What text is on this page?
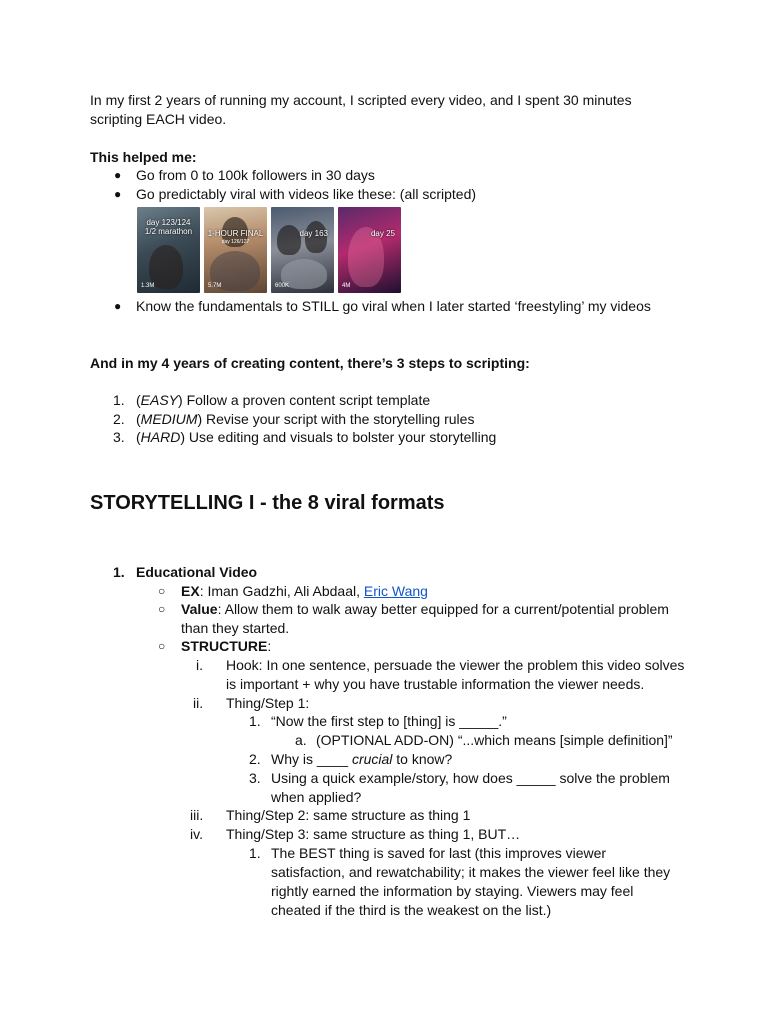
In my first 2 years of running my account, I scripted every video, and I spent 30 minutes
scripting EACH video.
This helped me:
● Go from 0 to 100k followers in 30 days
● Go predictably viral with videos like these: (all scripted)
day 123/124
1/2 marathon
1.3M
1-HOUR FINAL
day 126/127
5.7M
day 163
600K
day 25
4M
● Know the fundamentals to STILL go viral when I later started ‘freestyling’ my videos
And in my 4 years of creating content, there’s 3 steps to scripting:
1. (EASY) Follow a proven content script template
2. (MEDIUM) Revise your script with the storytelling rules
3. (HARD) Use editing and visuals to bolster your storytelling
STORYTELLING I - the 8 viral formats
1. Educational Video
○ EX: Iman Gadzhi, Ali Abdaal, Eric Wang
○ Value: Allow them to walk away better equipped for a current/potential problem
than they started.
○ STRUCTURE:
i. Hook: In one sentence, persuade the viewer the problem this video solves
is important + why you have trustable information the viewer needs.
ii. Thing/Step 1:
1. “Now the first step to [thing] is _____.”
a. (OPTIONAL ADD-ON) “...which means [simple definition]”
2. Why is ____ crucial to know?
3. Using a quick example/story, how does _____ solve the problem
when applied?
iii. Thing/Step 2: same structure as thing 1
iv. Thing/Step 3: same structure as thing 1, BUT…
1. The BEST thing is saved for last (this improves viewer
satisfaction, and rewatchability; it makes the viewer feel like they
rightly earned the information by staying. Viewers may feel
cheated if the third is the weakest on the list.)
